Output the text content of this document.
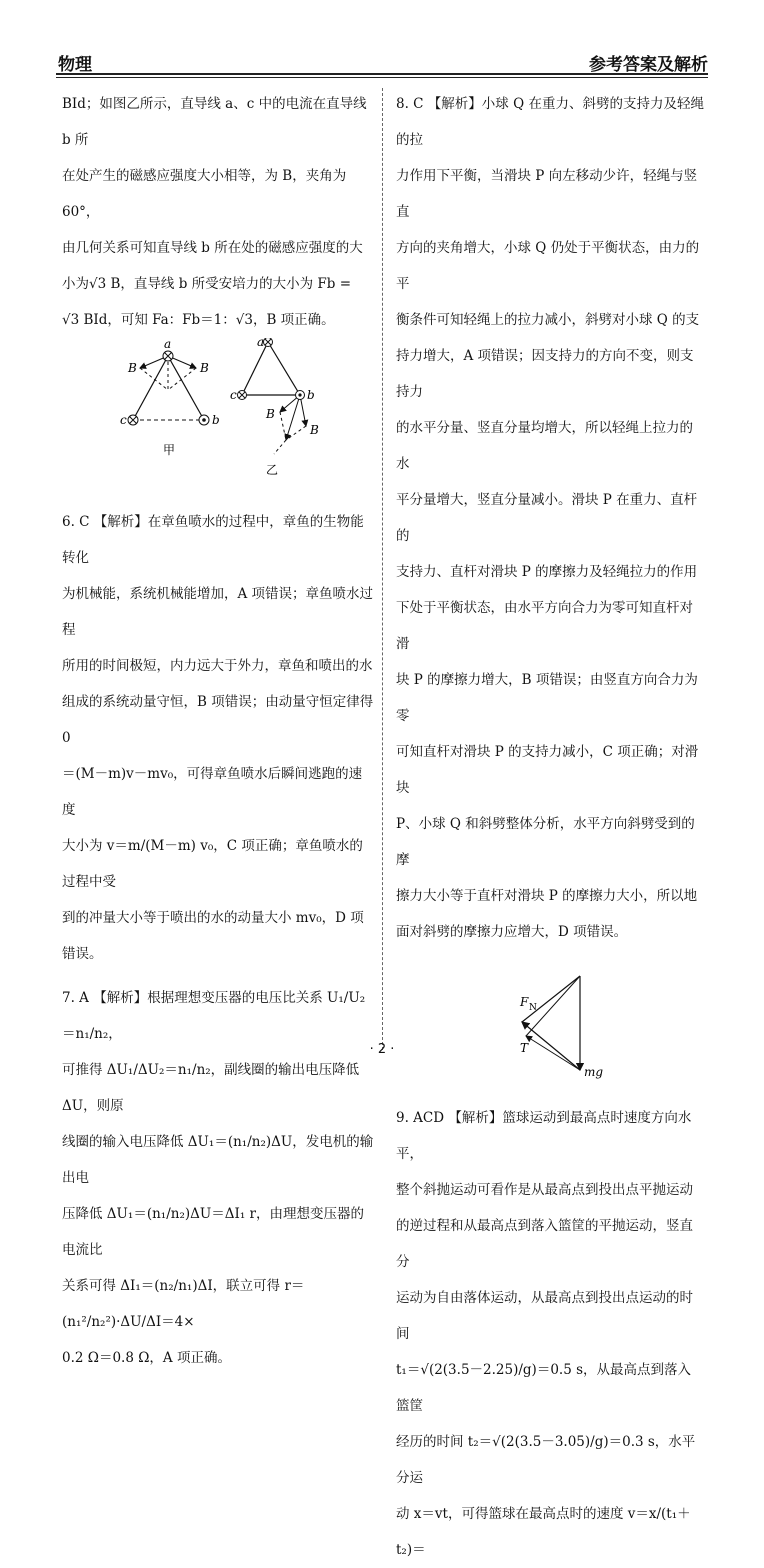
物理	参考答案及解析

BId；如图乙所示，直导线 a、c 中的电流在直导线 b 所

在处产生的磁感应强度大小相等，为 B，夹角为 60°，

由几何关系可知直导线 b 所在处的磁感应强度的大

小为√3 B，直导线 b 所受安培力的大小为 Fb =

√3 BId，可知 Fa：Fb＝1：√3，B 项正确。

a
b
c
B	B
甲
a
b
c
B
B
乙

6. C 【解析】在章鱼喷水的过程中，章鱼的生物能转化

为机械能，系统机械能增加，A 项错误；章鱼喷水过程

所用的时间极短，内力远大于外力，章鱼和喷出的水

组成的系统动量守恒，B 项错误；由动量守恒定律得 0

＝(M－m)v－mv₀，可得章鱼喷水后瞬间逃跑的速度

大小为 v＝m/(M－m) v₀，C 项正确；章鱼喷水的过程中受

到的冲量大小等于喷出的水的动量大小 mv₀，D 项

错误。

7. A 【解析】根据理想变压器的电压比关系 U₁/U₂＝n₁/n₂，

可推得 ΔU₁/ΔU₂＝n₁/n₂，副线圈的输出电压降低 ΔU，则原

线圈的输入电压降低 ΔU₁＝(n₁/n₂)ΔU，发电机的输出电

压降低 ΔU₁＝(n₁/n₂)ΔU＝ΔI₁ r，由理想变压器的电流比

关系可得 ΔI₁＝(n₂/n₁)ΔI，联立可得 r＝(n₁²/n₂²)·ΔU/ΔI＝4×

0.2 Ω＝0.8 Ω，A 项正确。

8. C 【解析】小球 Q 在重力、斜劈的支持力及轻绳的拉

力作用下平衡，当滑块 P 向左移动少许，轻绳与竖直

方向的夹角增大，小球 Q 仍处于平衡状态，由力的平

衡条件可知轻绳上的拉力减小，斜劈对小球 Q 的支

持力增大，A 项错误；因支持力的方向不变，则支持力

的水平分量、竖直分量均增大，所以轻绳上拉力的水

平分量增大，竖直分量减小。滑块 P 在重力、直杆的

支持力、直杆对滑块 P 的摩擦力及轻绳拉力的作用

下处于平衡状态，由水平方向合力为零可知直杆对滑

块 P 的摩擦力增大，B 项错误；由竖直方向合力为零

可知直杆对滑块 P 的支持力减小，C 项正确；对滑块

P、小球 Q 和斜劈整体分析，水平方向斜劈受到的摩

擦力大小等于直杆对滑块 P 的摩擦力大小，所以地

面对斜劈的摩擦力应增大，D 项错误。

F N
T
mg

9. ACD 【解析】篮球运动到最高点时速度方向水平，

整个斜抛运动可看作是从最高点到投出点平抛运动

的逆过程和从最高点到落入篮筐的平抛运动，竖直分

运动为自由落体运动，从最高点到投出点运动的时间

t₁＝√(2(3.5－2.25)/g)＝0.5 s，从最高点到落入篮筐

经历的时间 t₂＝√(2(3.5－3.05)/g)＝0.3 s，水平分运

动 x＝vt，可得篮球在最高点时的速度 v＝x/(t₁＋t₂)＝

· 2 ·
